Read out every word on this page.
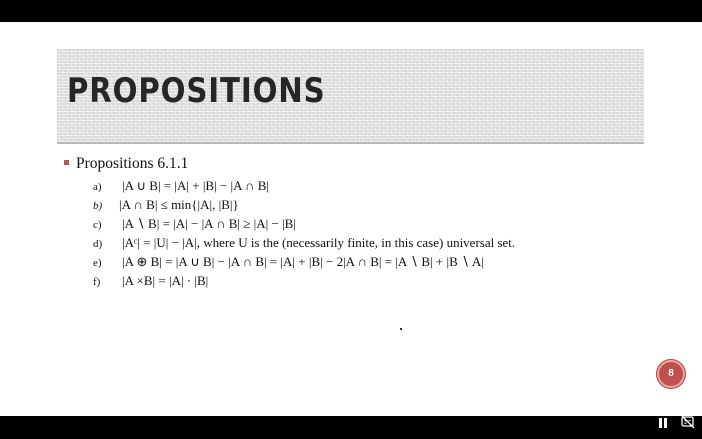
PROPOSITIONS
Propositions 6.1.1
a) |A ∪ B| = |A| + |B| − |A ∩ B|
b) |A ∩ B| ≤ min{|A|, |B|}
c) |A ∖ B| = |A| − |A ∩ B| ≥ |A| − |B|
d) |Aᶜ| = |U| − |A|, where U is the (necessarily finite, in this case) universal set.
e) |A ⊕ B| = |A ∪ B| − |A ∩ B| = |A| + |B| − 2|A ∩ B| = |A ∖ B| + |B ∖ A|
f) |A ×B| = |A| · |B|
8
